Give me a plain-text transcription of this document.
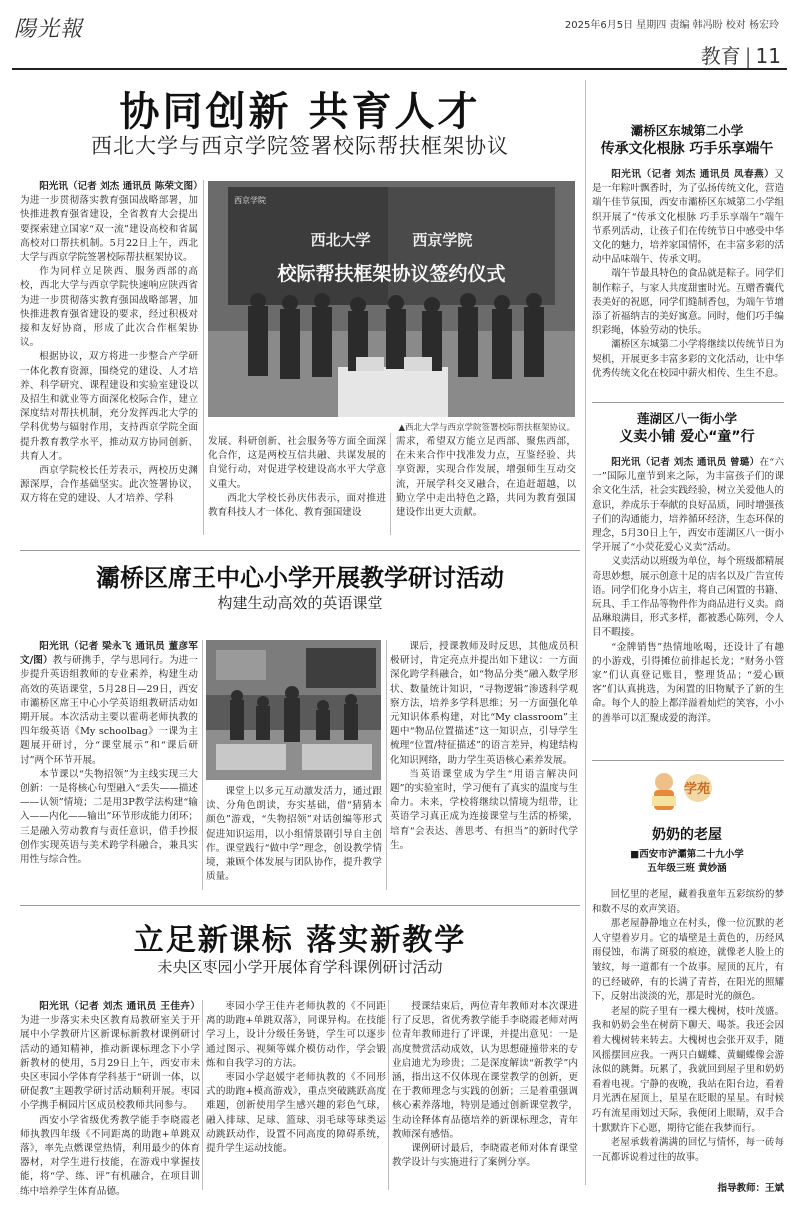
陽光報	2025年6月5日 星期四 责编 韩冯盼 校对 杨宏玲
教育 | 11
协同创新 共育人才
西北大学与西京学院签署校际帮扶框架协议

阳光讯（记者 刘杰 通讯员 陈荣文图）为进一步贯彻落实教育强国战略部署，加快推进教育强省建设，全省教育大会提出要探索建立国家“双一流”建设高校和省属高校对口帮扶机制。5月22日上午，西北大学与西京学院签署校际帮扶框架协议。

作为同样立足陕西、服务西部的高校，西北大学与西京学院快速响应陕西省为进一步贯彻落实教育强国战略部署，加快推进教育强省建设的要求，经过积极对接和友好协商，形成了此次合作框架协议。

根据协议，双方将进一步整合产学研一体化教育资源，围绕党的建设、人才培养、科学研究、课程建设和实验室建设以及招生和就业等方面深化校际合作，建立深度结对帮扶机制，充分发挥西北大学的学科优势与辐射作用，支持西京学院全面提升教育教学水平，推动双方协同创新、共育人才。

西京学院校长任芳表示，两校历史渊源深厚，合作基础坚实。此次签署协议，双方将在党的建设、人才培养、学科

西京学院
西北大学        西京学院
校际帮扶框架协议签约仪式
▲西北大学与西京学院签署校际帮扶框架协议。

发展、科研创新、社会服务等方面全面深化合作，这是两校互信共融、共谋发展的自觉行动，对促进学校建设高水平大学意义重大。

西北大学校长孙庆伟表示，面对推进教育科技人才一体化、教育强国建设

需求，希望双方能立足西部、聚焦西部，在未来合作中找准发力点，互鉴经验、共享资源，实现合作发展，增强师生互动交流，开展学科交叉融合，在追赶超越，以勤立学中走出特色之路，共同为教育强国建设作出更大贡献。

灞桥区席王中心小学开展教学研讨活动
构建生动高效的英语课堂

阳光讯（记者 梁永飞 通讯员 董彦军文/图）教与研携手，学与思同行。为进一步提升英语组教师的专业素养，构建生动高效的英语课堂，5月28日—29日，西安市灞桥区席王中心小学英语组教研活动如期开展。本次活动主要以霍萌老师执教的四年级英语《My schoolbag》一课为主题展开研讨，分“课堂展示”和“课后研讨”两个环节开展。

本节课以“失物招领”为主线实现三大创新：一是将核心句型融入“丢失——描述——认领”情境；二是用3P教学法构建“输入——内化——输出”环节形成能力闭环；三是融入劳动教育与责任意识，借手抄报创作实现英语与美术跨学科融合，兼具实用性与综合性。

课堂上以多元互动激发活力，通过跟读、分角色朗读，夯实基础，借“猜猜本颜色”游戏，“失物招领”对话创编等形式促进知识运用，以小组情景剧引导自主创作。课堂践行“做中学”理念，创设教学情境，兼顾个体发展与团队协作，提升教学质量。

课后，授课教师及时反思，其他成员积极研讨，肯定亮点并提出如下建议：一方面深化跨学科融合，如“物品分类”融入数学形状、数量统计知识，“寻物逻辑”渗透科学观察方法，培养多学科思维；另一方面强化单元知识体系构建，对比“My classroom”主题中“物品位置描述”这一知识点，引导学生梳理“位置/特征描述”的语言差异，构建结构化知识网络，助力学生英语核心素养发展。

当英语课堂成为学生“用语言解决问题”的实验室时，学习便有了真实的温度与生命力。未来，学校将继续以情境为纽带，让英语学习真正成为连接课堂与生活的桥梁，培育“会表达、善思考、有担当”的新时代学生。

立足新课标 落实新教学
未央区枣园小学开展体育学科课例研讨活动

阳光讯（记者 刘杰 通讯员 王佳卉）为进一步落实未央区教育局教研室关于开展中小学教研片区新课标新教材课例研讨活动的通知精神，推动新课标理念下小学新教材的使用，5月29日上午，西安市未央区枣园小学体育学科基于“研训一体，以研促教”主题教学研讨活动顺利开展。枣园小学携手桐园片区成员校教师共同参与。

西安小学省级优秀教学能手李晓霞老师执教四年级《不同距离的助跑+单跳双落》，率先点燃课堂热情，利用最少的体育器材，对学生进行技能，在游戏中掌握技能，将“学、练、评”有机融合，在项目训练中培养学生体育品德。

枣园小学王佳卉老师执教的《不同距离的助跑+单跳双落》，同课异构。在技能学习上，设计分级任务链，学生可以逐步通过图示、视频等媒介模仿动作，学会锻炼和自我学习的方法。

枣园小学赵媛宇老师执教的《不同形式的助跑+模高游戏》，重点突破跳跃高度难题，创新使用学生感兴趣的彩色气球，融入排球、足球、篮球、羽毛球等球类运动跳跃动作，设置不同高度的障碍系统，提升学生运动技能。

授课结束后，两位青年教师对本次课进行了反思，省优秀教学能手李晓霞老师对两位青年教师进行了评课，并提出意见：一是高度赞赏活动成效，认为思想碰撞带来的专业启迪尤为珍贵；二是深度解读“新教学”内涵，指出这不仅体现在课堂教学的创新，更在于教师理念与实践的创新；三是着重强调核心素养落地，特别是通过创新课堂教学，生动诠释体育品德培养的新课标理念，青年教师深有感悟。

课例研讨最后，李晓霞老师对体育课堂教学设计与实施进行了案例分享。

灞桥区东城第二小学
传承文化根脉 巧手乐享端午

阳光讯（记者 刘杰 通讯员 凤春燕）又是一年粽叶飘香时，为了弘扬传统文化，营造端午佳节氛围，西安市灞桥区东城第二小学组织开展了“传承文化根脉 巧手乐享端午”端午节系列活动，让孩子们在传统节日中感受中华文化的魅力，培养家国情怀，在丰富多彩的活动中品味端午、传承文明。

端午节最具特色的食品就是粽子。同学们制作粽子，与家人共度甜蜜时光。互赠香囊代表美好的祝愿，同学们缝制香包，为端午节增添了祈福纳吉的美好寓意。同时，他们巧手编织彩绳，体验劳动的快乐。

灞桥区东城第二小学将继续以传统节日为契机，开展更多丰富多彩的文化活动，让中华优秀传统文化在校园中薪火相传、生生不息。

莲湖区八一街小学
义卖小铺 爱心“童”行

阳光讯（记者 刘杰 通讯员 曾璐）在“六一”国际儿童节到来之际，为丰富孩子们的课余文化生活，社会实践经验，树立关爱他人的意识，养成乐于奉献的良好品质，同时增强孩子们的沟通能力，培养循环经济，生态环保的理念，5月30日上午，西安市莲湖区八一街小学开展了“小荧花爱心义卖”活动。

义卖活动以班级为单位，每个班级都精展奇思妙想，展示创意十足的店名以及广告宣传语。同学们化身小店主，将自己闲置的书籍、玩具、手工作品等物件作为商品进行义卖。商品琳琅满目，形式多样，都被悉心陈列，令人目不暇接。

“金牌销售”热情地吆喝，还设计了有趣的小游戏，引得摊位前排起长龙；“财务小管家”们认真登记账目，整理货品；“爱心顾客”们认真挑选，为闲置的旧物赋予了新的生命。每个人的脸上都洋溢着灿烂的笑容，小小的善举可以汇聚成爱的海洋。

学苑
奶奶的老屋
■西安市浐灞第二十九小学
五年级三班 黄妙涵

回忆里的老屋，藏着我童年五彩缤纷的梦和数不尽的欢声笑语。

那老屋静静地立在村头，像一位沉默的老人守望着岁月。它的墙壁是土黄色的，历经风雨侵蚀，布满了斑驳的痕迹，就像老人脸上的皱纹，每一道都有一个故事。屋顶的瓦片，有的已经破碎，有的长满了青苔，在阳光的照耀下，反射出淡淡的光，那是时光的颜色。

老屋的院子里有一棵大槐树，枝叶茂盛。我和奶奶会坐在树荫下聊天、喝茶。我还会因着大槐树转来转去。大槐树也会张开双手，随风摇摆回应我。一两只白蝴蝶、黄蝴蝶像会游泳似的跳舞。玩累了，我就回到屋子里和奶奶看着电视。宁静的夜晚，我站在阳台边，看着月光洒在屋顶上，星星在眨眼的星星。有时候巧有流星雨划过天际，我便闭上眼睛，双手合十默默许下心愿，期待它能在我梦而行。

老屋承载着满满的回忆与情怀，每一砖每一瓦都诉说着过往的故事。

指导教师：王斌
